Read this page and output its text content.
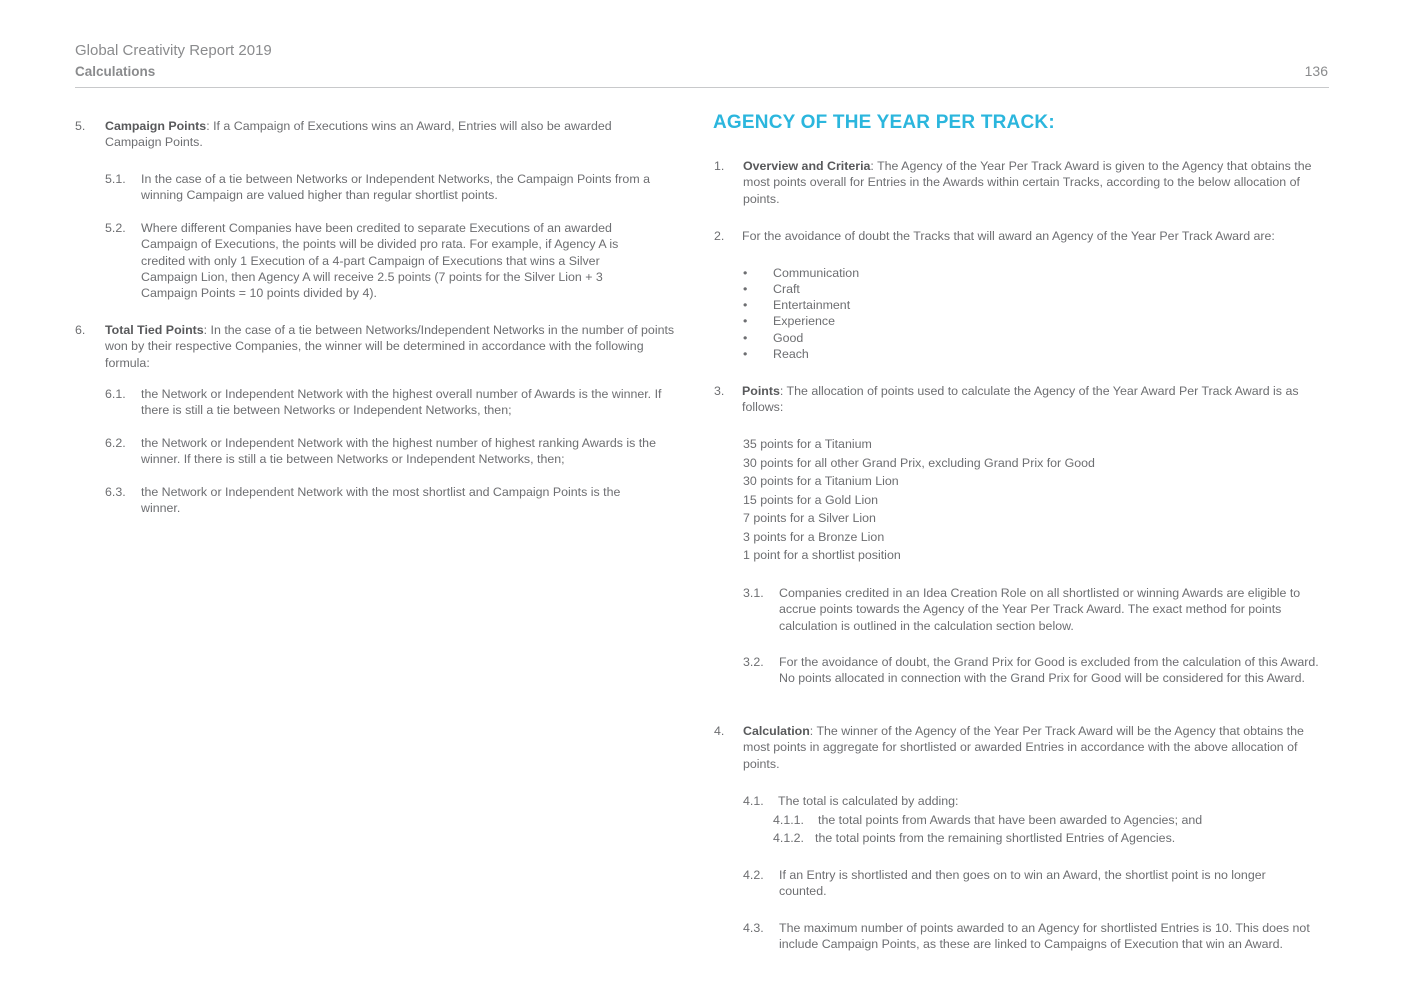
Global Creativity Report 2019
Calculations	136
5. Campaign Points: If a Campaign of Executions wins an Award, Entries will also be awarded Campaign Points.
5.1. In the case of a tie between Networks or Independent Networks, the Campaign Points from a winning Campaign are valued higher than regular shortlist points.
5.2. Where different Companies have been credited to separate Executions of an awarded Campaign of Executions, the points will be divided pro rata. For example, if Agency A is credited with only 1 Execution of a 4-part Campaign of Executions that wins a Silver Campaign Lion, then Agency A will receive 2.5 points (7 points for the Silver Lion + 3 Campaign Points = 10 points divided by 4).
6. Total Tied Points: In the case of a tie between Networks/Independent Networks in the number of points won by their respective Companies, the winner will be determined in accordance with the following formula:
6.1. the Network or Independent Network with the highest overall number of Awards is the winner. If there is still a tie between Networks or Independent Networks, then;
6.2. the Network or Independent Network with the highest number of highest ranking Awards is the winner. If there is still a tie between Networks or Independent Networks, then;
6.3. the Network or Independent Network with the most shortlist and Campaign Points is the winner.
AGENCY OF THE YEAR PER TRACK:
1. Overview and Criteria: The Agency of the Year Per Track Award is given to the Agency that obtains the most points overall for Entries in the Awards within certain Tracks, according to the below allocation of points.
2. For the avoidance of doubt the Tracks that will award an Agency of the Year Per Track Award are:
• Communication
• Craft
• Entertainment
• Experience
• Good
• Reach
3. Points: The allocation of points used to calculate the Agency of the Year Award Per Track Award is as follows:
35 points for a Titanium
30 points for all other Grand Prix, excluding Grand Prix for Good
30 points for a Titanium Lion
15 points for a Gold Lion
7 points for a Silver Lion
3 points for a Bronze Lion
1 point for a shortlist position
3.1. Companies credited in an Idea Creation Role on all shortlisted or winning Awards are eligible to accrue points towards the Agency of the Year Per Track Award. The exact method for points calculation is outlined in the calculation section below.
3.2. For the avoidance of doubt, the Grand Prix for Good is excluded from the calculation of this Award. No points allocated in connection with the Grand Prix for Good will be considered for this Award.
4. Calculation: The winner of the Agency of the Year Per Track Award will be the Agency that obtains the most points in aggregate for shortlisted or awarded Entries in accordance with the above allocation of points.
4.1. The total is calculated by adding:
4.1.1. the total points from Awards that have been awarded to Agencies; and
4.1.2. the total points from the remaining shortlisted Entries of Agencies.
4.2. If an Entry is shortlisted and then goes on to win an Award, the shortlist point is no longer counted.
4.3. The maximum number of points awarded to an Agency for shortlisted Entries is 10. This does not include Campaign Points, as these are linked to Campaigns of Execution that win an Award.
